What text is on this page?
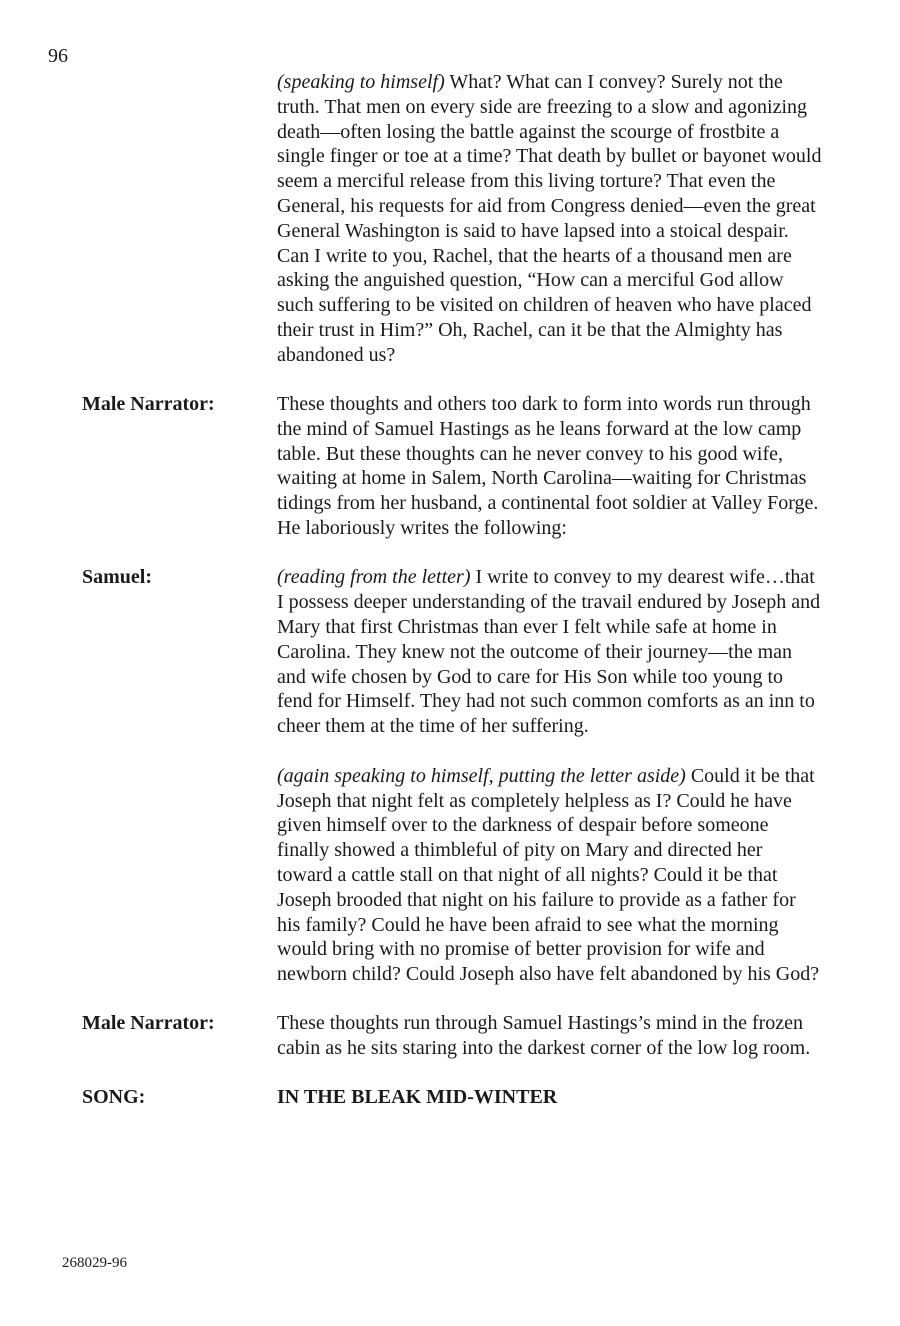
96

(speaking to himself) What? What can I convey? Surely not the truth. That men on every side are freezing to a slow and agonizing death—often losing the battle against the scourge of frostbite a single finger or toe at a time? That death by bullet or bayonet would seem a merciful release from this living torture? That even the General, his requests for aid from Congress denied—even the great General Washington is said to have lapsed into a stoical despair. Can I write to you, Rachel, that the hearts of a thousand men are asking the anguished question, “How can a merciful God allow such suffering to be visited on children of heaven who have placed their trust in Him?” Oh, Rachel, can it be that the Almighty has abandoned us?

Male Narrator:	These thoughts and others too dark to form into words run through the mind of Samuel Hastings as he leans forward at the low camp table. But these thoughts can he never convey to his good wife, waiting at home in Salem, North Carolina—waiting for Christmas tidings from her husband, a continental foot soldier at Valley Forge. He laboriously writes the following:

Samuel:	(reading from the letter) I write to convey to my dearest wife…that I possess deeper understanding of the travail endured by Joseph and Mary that first Christmas than ever I felt while safe at home in Carolina. They knew not the outcome of their journey—the man and wife chosen by God to care for His Son while too young to fend for Himself. They had not such common comforts as an inn to cheer them at the time of her suffering.

(again speaking to himself, putting the letter aside) Could it be that Joseph that night felt as completely helpless as I? Could he have given himself over to the darkness of despair before someone finally showed a thimbleful of pity on Mary and directed her toward a cattle stall on that night of all nights? Could it be that Joseph brooded that night on his failure to provide as a father for his family? Could he have been afraid to see what the morning would bring with no promise of better provision for wife and newborn child? Could Joseph also have felt abandoned by his God?

Male Narrator:	These thoughts run through Samuel Hastings’s mind in the frozen cabin as he sits staring into the darkest corner of the low log room.

SONG:	IN THE BLEAK MID-WINTER
268029-96
